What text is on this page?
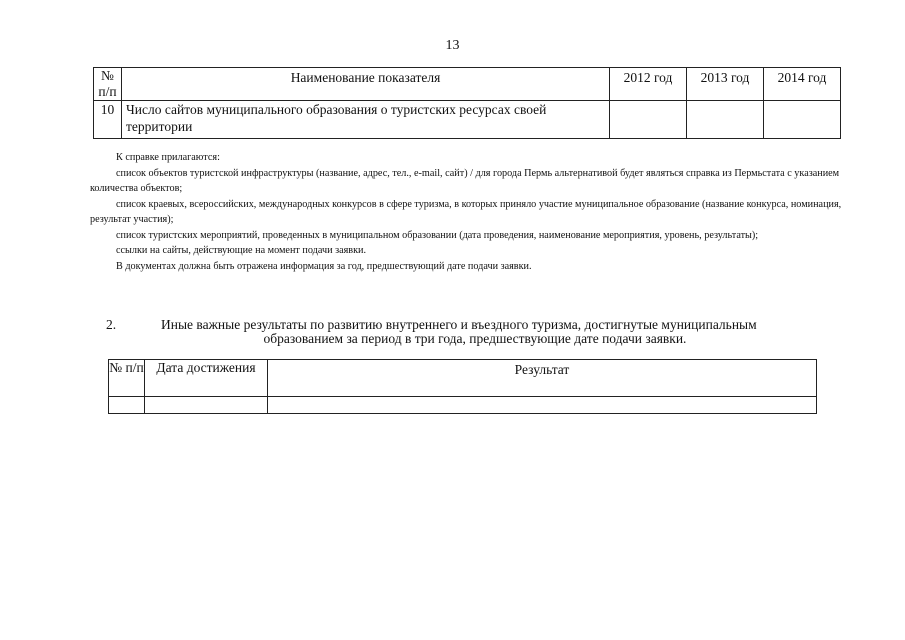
13
№ п/п	Наименование показателя	2012 год	2013 год	2014 год
10	Число сайтов муниципального образования о туристских ресурсах своей территории			

К справке прилагаются:

список объектов туристской инфраструктуры (название, адрес, тел., e-mail, сайт) / для города Пермь альтернативой будет являться справка из Пермьстата с указанием количества объектов;

список краевых, всероссийских, международных конкурсов в сфере туризма, в которых приняло участие муниципальное образование (название конкурса, номинация, результат участия);

список туристских мероприятий, проведенных в муниципальном образовании (дата проведения, наименование мероприятия, уровень, результаты);

ссылки на сайты, действующие на момент подачи заявки.

В документах должна быть отражена информация за год, предшествующий дате подачи заявки.

2.	Иные важные результаты по развитию внутреннего и въездного туризма, достигнутые муниципальным
образованием за период в три года, предшествующие дате подачи заявки.
№ п/п	Дата достижения	Результат
